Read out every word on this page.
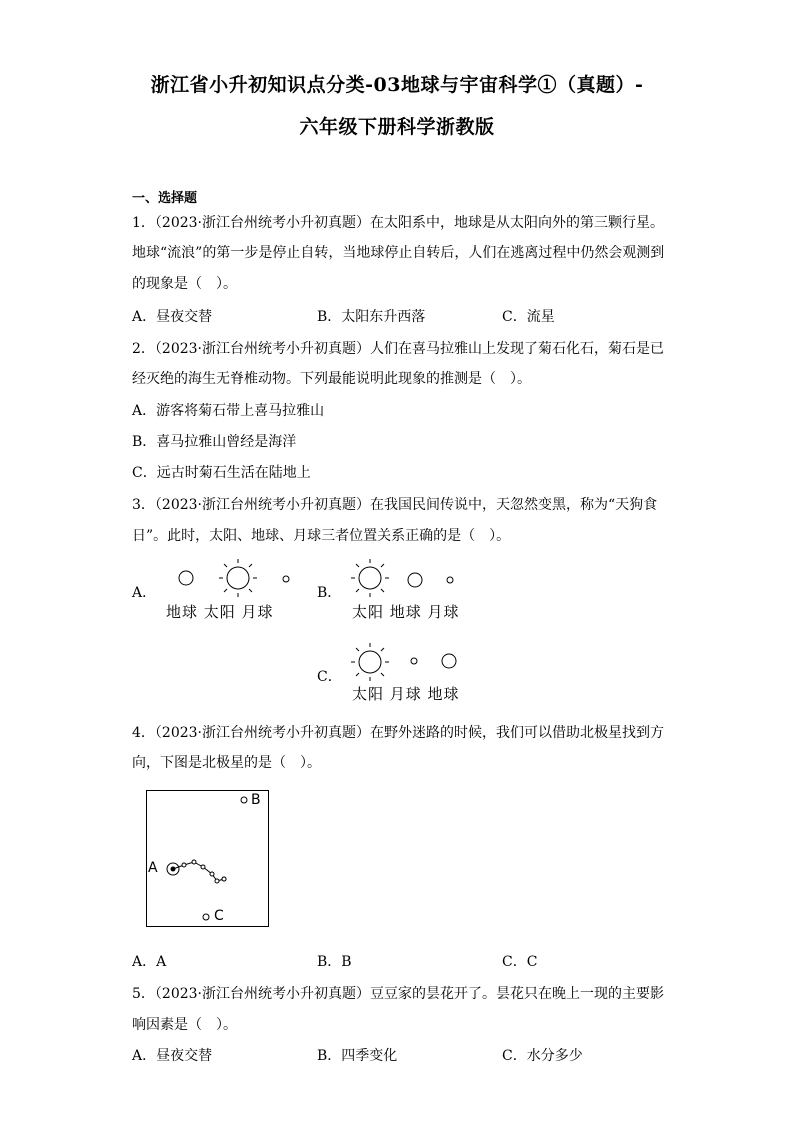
浙江省小升初知识点分类-03地球与宇宙科学①（真题）-
六年级下册科学浙教版
一、选择题
1．（2023·浙江台州统考小升初真题）在太阳系中，地球是从太阳向外的第三颗行星。
地球“流浪”的第一步是停止自转，当地球停止自转后，人们在逃离过程中仍然会观测到
的现象是（　）。
A．昼夜交替	B．太阳东升西落	C．流星
2．（2023·浙江台州统考小升初真题）人们在喜马拉雅山上发现了菊石化石，菊石是已
经灭绝的海生无脊椎动物。下列最能说明此现象的推测是（　）。
A．游客将菊石带上喜马拉雅山
B．喜马拉雅山曾经是海洋
C．远古时菊石生活在陆地上
3．（2023·浙江台州统考小升初真题）在我国民间传说中，天忽然变黑，称为“天狗食
日”。此时，太阳、地球、月球三者位置关系正确的是（　）。
A．
地球 太阳 月球
B．
太阳 地球 月球
C．
太阳 月球 地球
4．（2023·浙江台州统考小升初真题）在野外迷路的时候，我们可以借助北极星找到方
向，下图是北极星的是（　）。
A
B
C
A．A	B．B	C．C
5．（2023·浙江台州统考小升初真题）豆豆家的昙花开了。昙花只在晚上一现的主要影
响因素是（　）。
A．昼夜交替	B．四季变化	C．水分多少
